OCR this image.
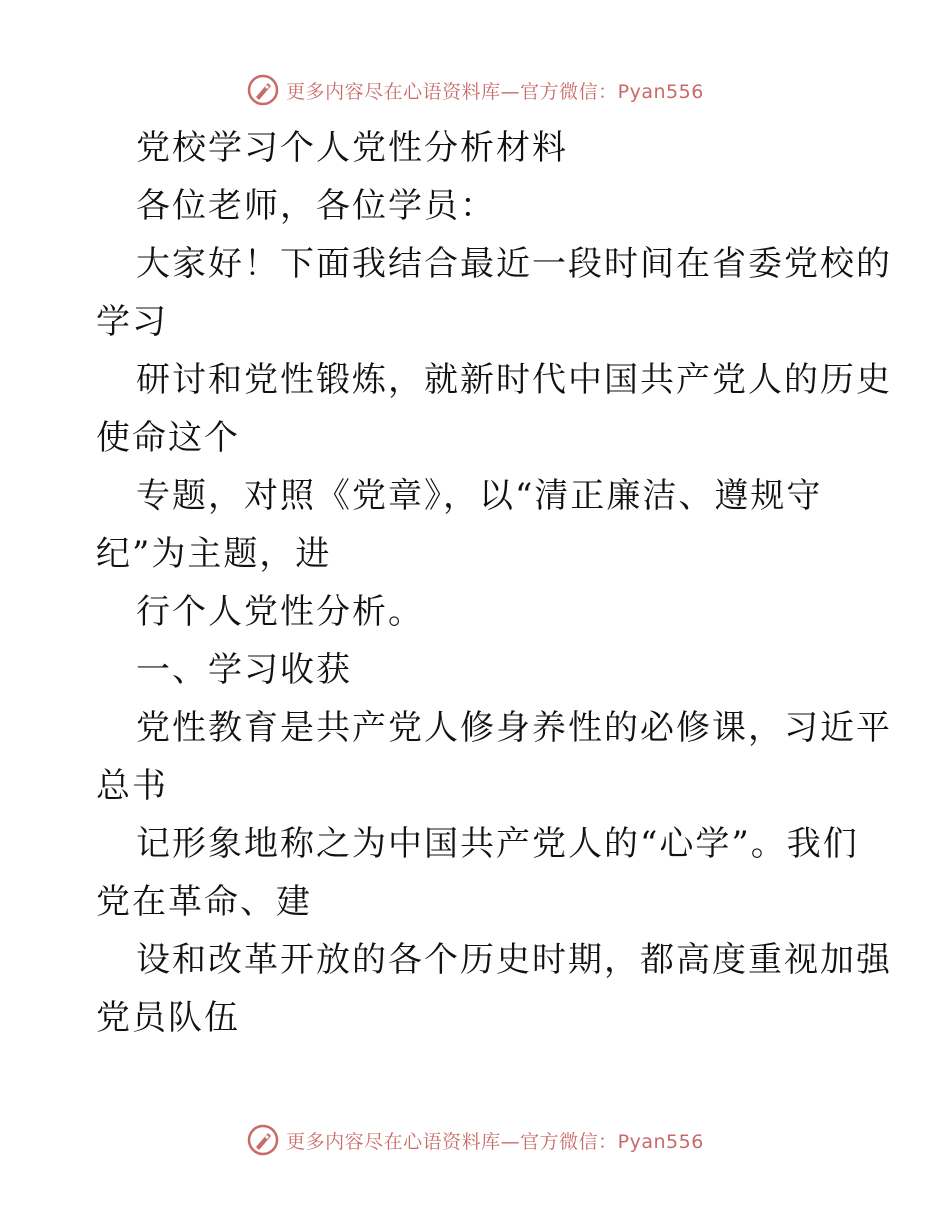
更多内容尽在心语资料库—官方微信：Pyan556
党校学习个人党性分析材料
各位老师，各位学员：
大家好！下面我结合最近一段时间在省委党校的
学习
研讨和党性锻炼，就新时代中国共产党人的历史
使命这个
专题，对照《党章》，以“清正廉洁、遵规守
纪”为主题，进
行个人党性分析。
一、学习收获
党性教育是共产党人修身养性的必修课，习近平
总书
记形象地称之为中国共产党人的“心学”。我们
党在革命、建
设和改革开放的各个历史时期，都高度重视加强
党员队伍
更多内容尽在心语资料库—官方微信：Pyan556
